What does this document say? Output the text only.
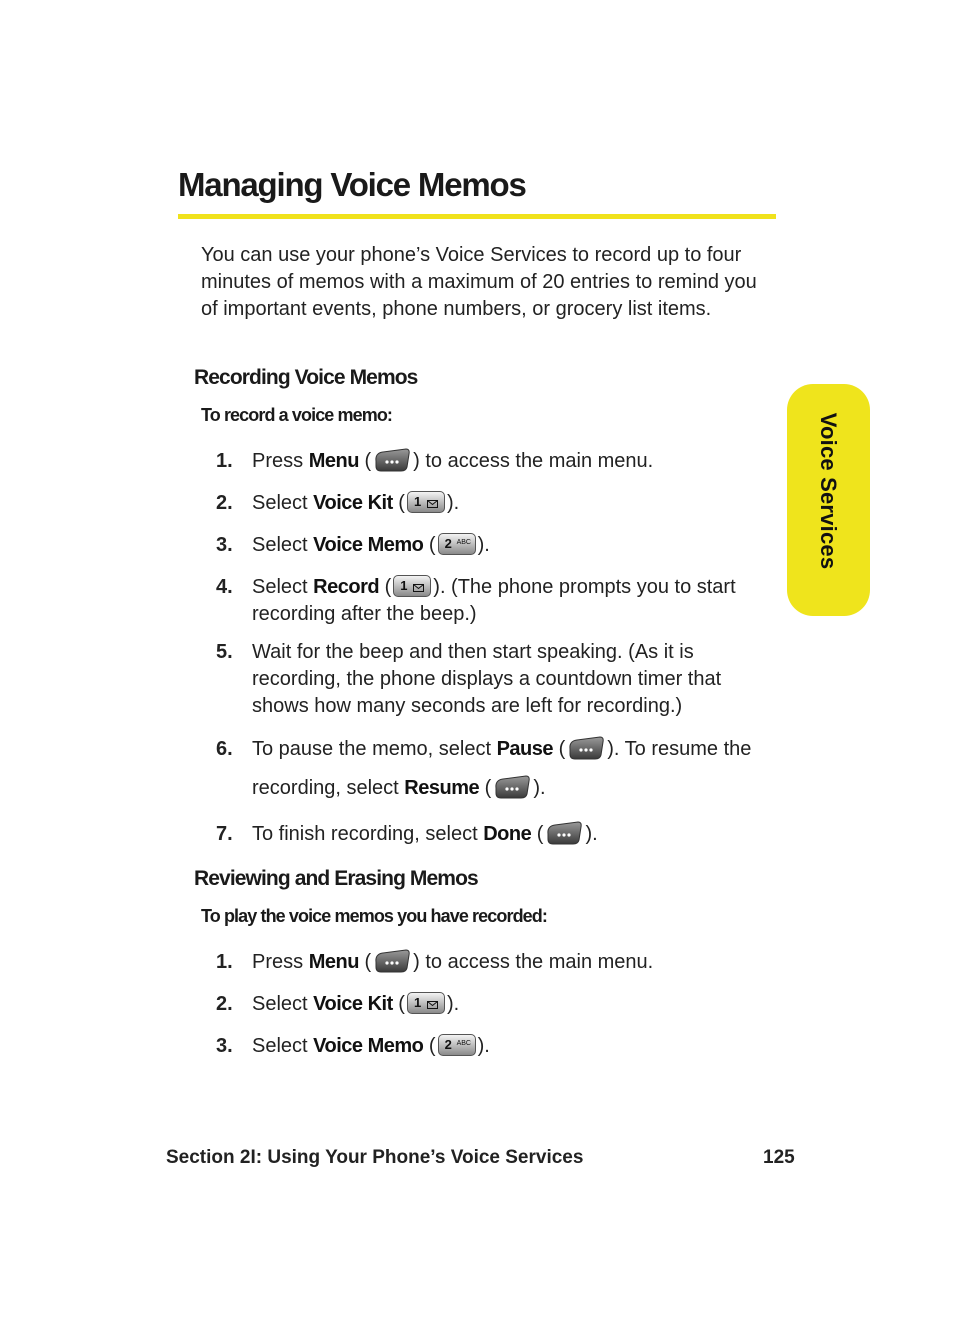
Managing Voice Memos

You can use your phone’s Voice Services to record up to four minutes of memos with a maximum of 20 entries to remind you of important events, phone numbers, or grocery list items.

Voice Services
Recording Voice Memos
To record a voice memo:
1. Press Menu ( ) to access the main menu.
2. Select Voice Kit ( 1 ).
3. Select Voice Memo ( 2 ABC ).
4. Select Record ( 1 ). (The phone prompts you to start recording after the beep.)
5. Wait for the beep and then start speaking. (As it is recording, the phone displays a countdown timer that shows how many seconds are left for recording.)
6. To pause the memo, select Pause ( ). To resume the recording, select Resume ( ).
7. To finish recording, select Done ( ).
Reviewing and Erasing Memos
To play the voice memos you have recorded:
1. Press Menu ( ) to access the main menu.
2. Select Voice Kit ( 1 ).
3. Select Voice Memo ( 2 ABC ).
Section 2I: Using Your Phone’s Voice Services	125
